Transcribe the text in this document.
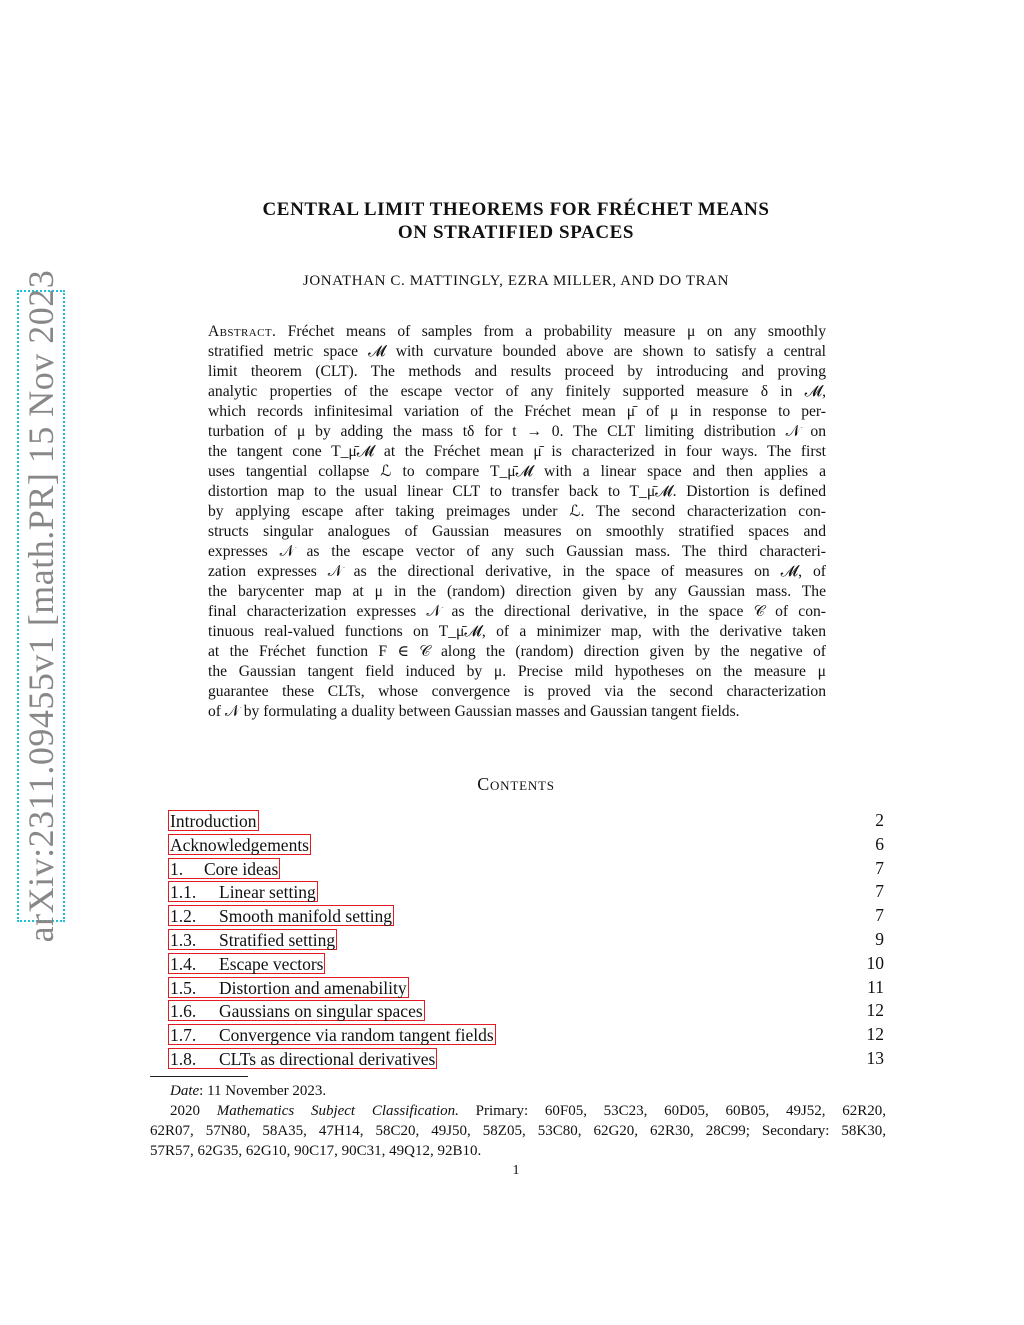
arXiv:2311.09455v1 [math.PR] 15 Nov 2023
CENTRAL LIMIT THEOREMS FOR FRÉCHET MEANS
ON STRATIFIED SPACES
JONATHAN C. MATTINGLY, EZRA MILLER, AND DO TRAN
Abstract. Fréchet means of samples from a probability measure μ on any smoothly
stratified metric space 𝓜 with curvature bounded above are shown to satisfy a central
limit theorem (CLT). The methods and results proceed by introducing and proving
analytic properties of the escape vector of any finitely supported measure δ in 𝓜,
which records infinitesimal variation of the Fréchet mean μ̄ of μ in response to per-
turbation of μ by adding the mass tδ for t → 0. The CLT limiting distribution 𝒩 on
the tangent cone T_μ̄𝓜 at the Fréchet mean μ̄ is characterized in four ways. The first
uses tangential collapse ℒ to compare T_μ̄𝓜 with a linear space and then applies a
distortion map to the usual linear CLT to transfer back to T_μ̄𝓜. Distortion is defined
by applying escape after taking preimages under ℒ. The second characterization con-
structs singular analogues of Gaussian measures on smoothly stratified spaces and
expresses 𝒩 as the escape vector of any such Gaussian mass. The third characteri-
zation expresses 𝒩 as the directional derivative, in the space of measures on 𝓜, of
the barycenter map at μ in the (random) direction given by any Gaussian mass. The
final characterization expresses 𝒩 as the directional derivative, in the space 𝒞 of con-
tinuous real-valued functions on T_μ̄𝓜, of a minimizer map, with the derivative taken
at the Fréchet function F ∈ 𝒞 along the (random) direction given by the negative of
the Gaussian tangent field induced by μ. Precise mild hypotheses on the measure μ
guarantee these CLTs, whose convergence is proved via the second characterization
of 𝒩 by formulating a duality between Gaussian masses and Gaussian tangent fields.
Contents
Introduction	2
Acknowledgements	6
1. Core ideas	7
1.1. Linear setting	7
1.2. Smooth manifold setting	7
1.3. Stratified setting	9
1.4. Escape vectors	10
1.5. Distortion and amenability	11
1.6. Gaussians on singular spaces	12
1.7. Convergence via random tangent fields	12
1.8. CLTs as directional derivatives	13
Date: 11 November 2023.
2020 Mathematics Subject Classification. Primary: 60F05, 53C23, 60D05, 60B05, 49J52, 62R20,
62R07, 57N80, 58A35, 47H14, 58C20, 49J50, 58Z05, 53C80, 62G20, 62R30, 28C99; Secondary: 58K30,
57R57, 62G35, 62G10, 90C17, 90C31, 49Q12, 92B10.
1
